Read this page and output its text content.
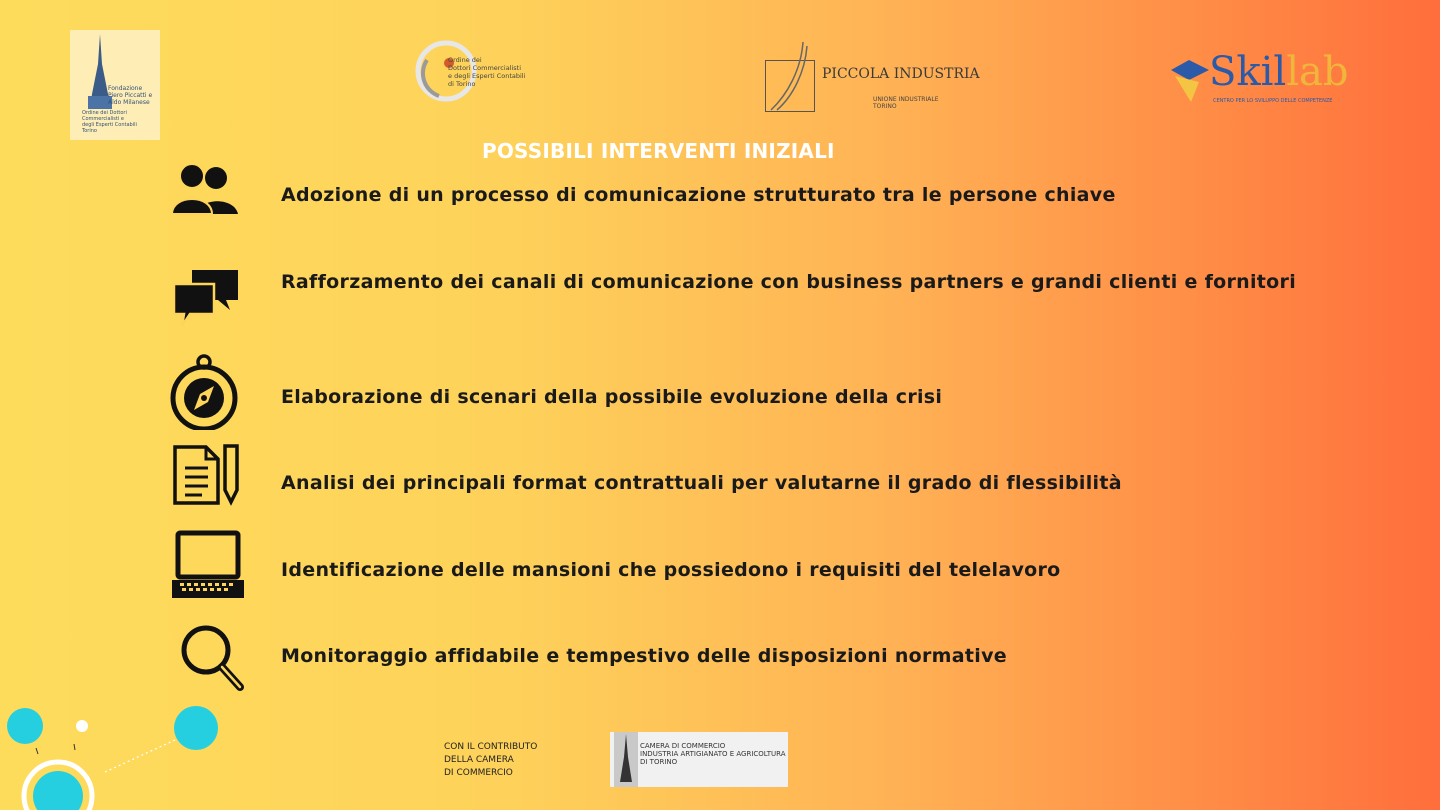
Fondazione
Piero Piccatti e
Aldo Milanese
Ordine dei Dottori
Commercialisti e
degli Esperti Contabili
Torino
Ordine dei
Dottori Commercialisti
e degli Esperti Contabili
di Torino
PICCOLA INDUSTRIA
UNIONE INDUSTRIALE
TORINO
Skillab
CENTRO PER LO SVILUPPO DELLE COMPETENZE
POSSIBILI INTERVENTI INIZIALI
Adozione di un processo di comunicazione strutturato tra le persone chiave
Rafforzamento dei canali di comunicazione con business partners e grandi clienti e fornitori
Elaborazione di scenari della possibile evoluzione della crisi
Analisi dei principali format contrattuali per valutarne il grado di flessibilità
Identificazione delle mansioni che possiedono i requisiti del telelavoro
Monitoraggio affidabile e tempestivo delle disposizioni normative
CON IL CONTRIBUTO
DELLA CAMERA
DI COMMERCIO
CAMERA DI COMMERCIO
INDUSTRIA ARTIGIANATO E AGRICOLTURA
DI TORINO
